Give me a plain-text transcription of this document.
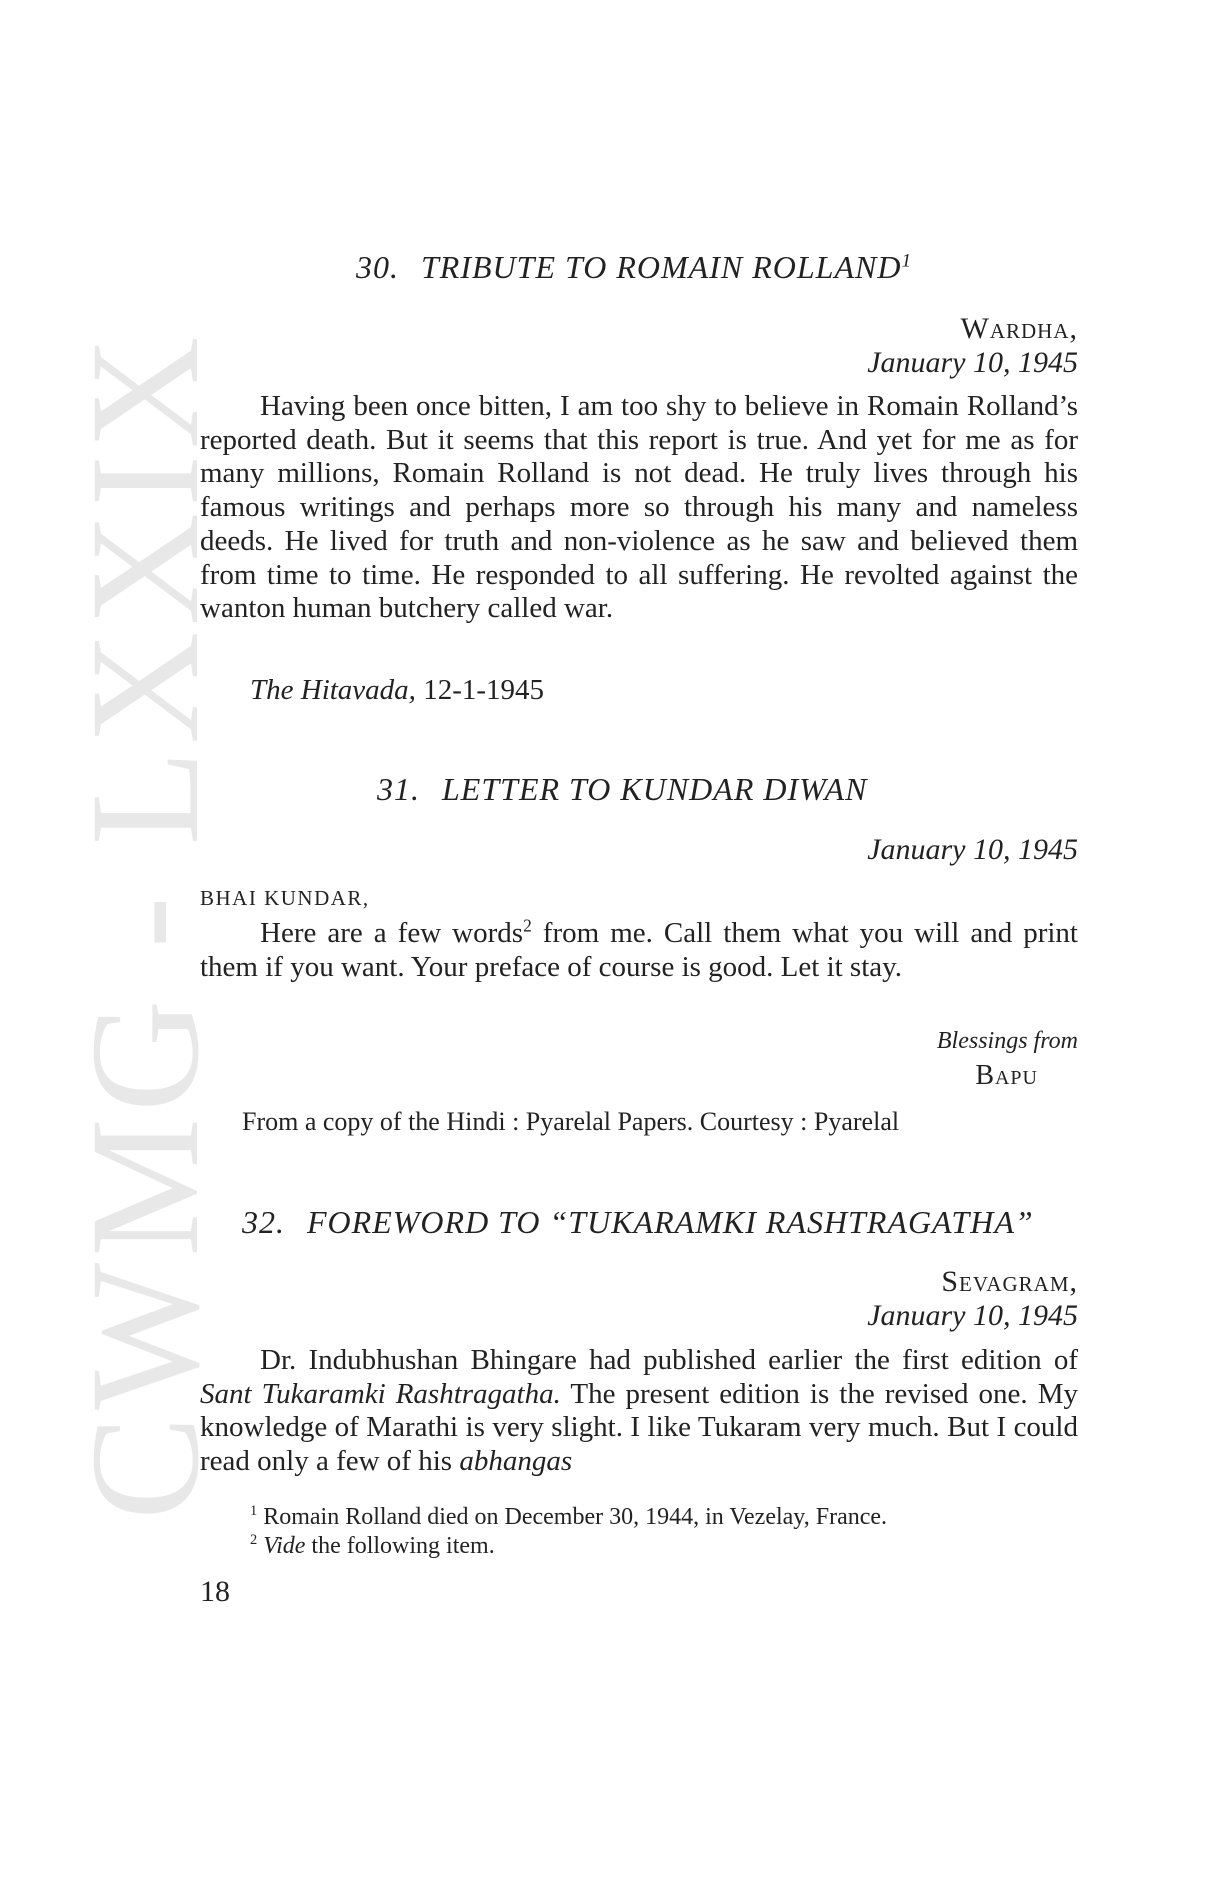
CWMG - LXXIX
30. TRIBUTE TO ROMAIN ROLLAND$^1$
Wardha,
January 10, 1945
Having been once bitten, I am too shy to believe in Romain Rolland’s reported death. But it seems that this report is true. And yet for me as for many millions, Romain Rolland is not dead. He truly lives through his famous writings and perhaps more so through his many and nameless deeds. He lived for truth and non-violence as he saw and believed them from time to time. He responded to all suffering. He revolted against the wanton human butchery called war.
The Hitavada, 12-1-1945
31. LETTER TO KUNDAR DIWAN
January 10, 1945
BHAI KUNDAR,
Here are a few words$^2$ from me. Call them what you will and print them if you want. Your preface of course is good. Let it stay.
Blessings from
Bapu
From a copy of the Hindi : Pyarelal Papers. Courtesy : Pyarelal
32. FOREWORD TO “TUKARAMKI RASHTRAGATHA”
Sevagram,
January 10, 1945
Dr. Indubhushan Bhingare had published earlier the first edition of Sant Tukaramki Rashtragatha. The present edition is the revised one. My knowledge of Marathi is very slight. I like Tukaram very much. But I could read only a few of his abhangas
$^1$ Romain Rolland died on December 30, 1944, in Vezelay, France.
$^2$ Vide the following item.
18
